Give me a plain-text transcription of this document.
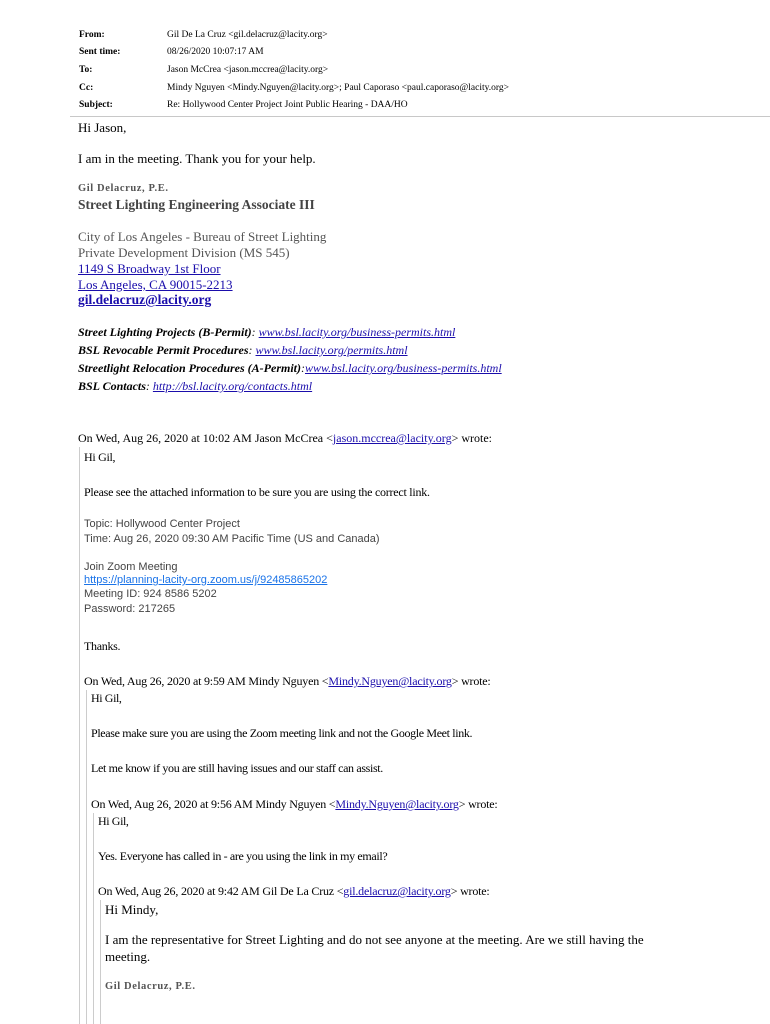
From:	Gil De La Cruz <gil.delacruz@lacity.org>
Sent time:	08/26/2020 10:07:17 AM
To:	Jason McCrea <jason.mccrea@lacity.org>
Cc:	Mindy Nguyen <Mindy.Nguyen@lacity.org>; Paul Caporaso <paul.caporaso@lacity.org>
Subject:	Re: Hollywood Center Project Joint Public Hearing - DAA/HO
Hi Jason,
I am in the meeting. Thank you for your help.
Gil Delacruz, P.E.
Street Lighting Engineering Associate III
City of Los Angeles - Bureau of Street Lighting
Private Development Division (MS 545)
1149 S Broadway 1st Floor
Los Angeles, CA 90015-2213
gil.delacruz@lacity.org
Street Lighting Projects (B-Permit): www.bsl.lacity.org/business-permits.html
BSL Revocable Permit Procedures: www.bsl.lacity.org/permits.html
Streetlight Relocation Procedures (A-Permit):www.bsl.lacity.org/business-permits.html
BSL Contacts: http://bsl.lacity.org/contacts.html
On Wed, Aug 26, 2020 at 10:02 AM Jason McCrea <jason.mccrea@lacity.org> wrote:
Hi Gil,
Please see the attached information to be sure you are using the correct link.
Topic: Hollywood Center Project
Time: Aug 26, 2020 09:30 AM Pacific Time (US and Canada)
Join Zoom Meeting
https://planning-lacity-org.zoom.us/j/92485865202
Meeting ID: 924 8586 5202
Password: 217265
Thanks.
On Wed, Aug 26, 2020 at 9:59 AM Mindy Nguyen <Mindy.Nguyen@lacity.org> wrote:
Hi Gil,
Please make sure you are using the Zoom meeting link and not the Google Meet link.
Let me know if you are still having issues and our staff can assist.
On Wed, Aug 26, 2020 at 9:56 AM Mindy Nguyen <Mindy.Nguyen@lacity.org> wrote:
Hi Gil,
Yes. Everyone has called in - are you using the link in my email?
On Wed, Aug 26, 2020 at 9:42 AM Gil De La Cruz <gil.delacruz@lacity.org> wrote:
Hi Mindy,
I am the representative for Street Lighting and do not see anyone at the meeting. Are we still having the
meeting.
Gil Delacruz, P.E.
